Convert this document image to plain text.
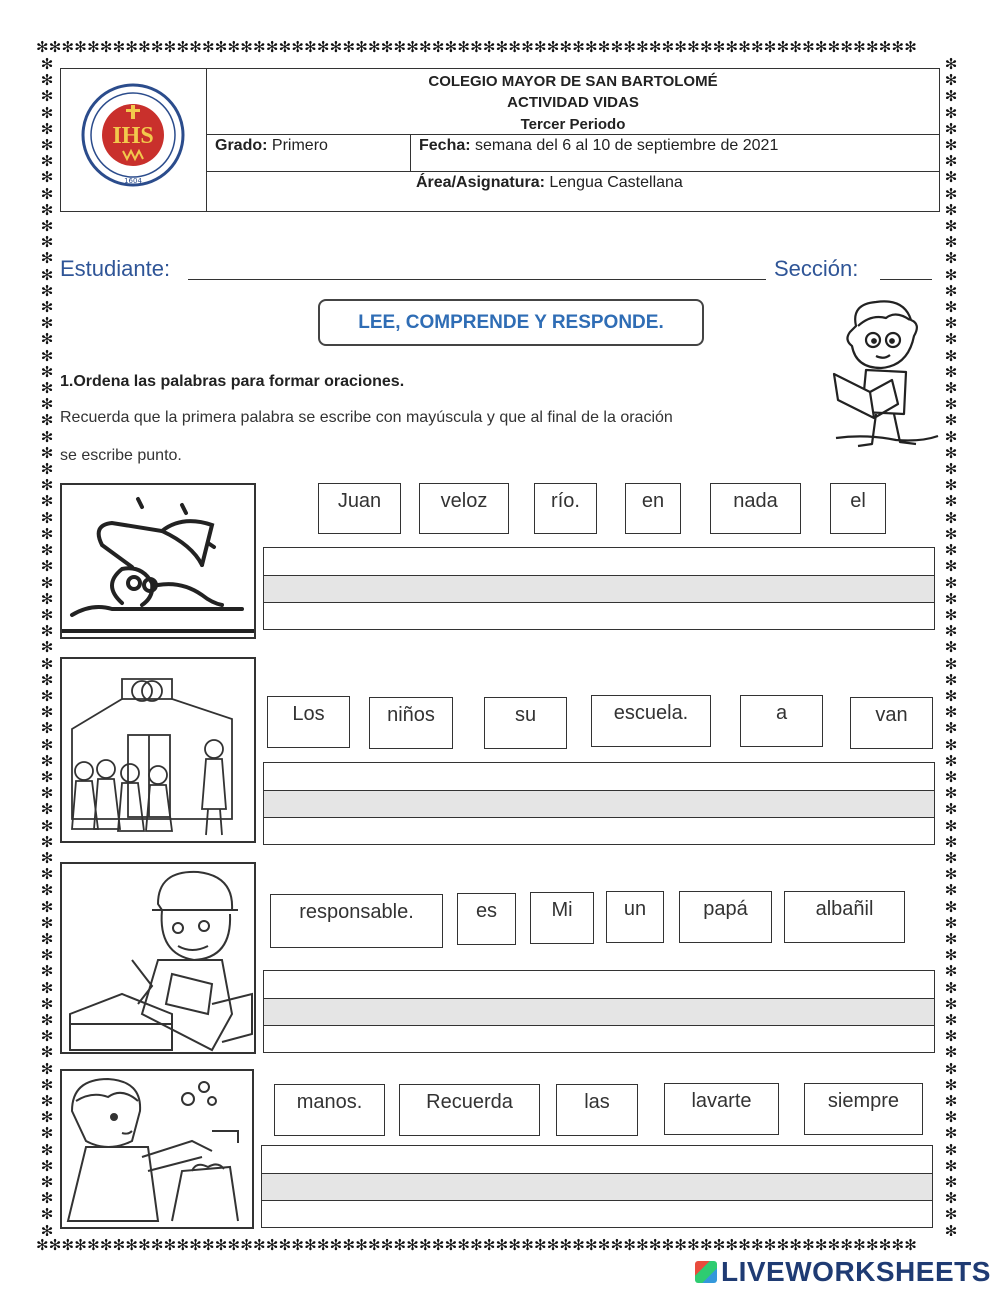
✻✻✻✻✻✻✻✻✻✻✻✻✻✻✻✻✻✻✻✻✻✻✻✻✻✻✻✻✻✻✻✻✻✻✻✻✻✻✻✻✻✻✻✻✻✻✻✻✻✻✻✻✻✻✻✻✻✻✻✻✻✻✻✻✻✻✻✻✻
✻✻✻✻✻✻✻✻✻✻✻✻✻✻✻✻✻✻✻✻✻✻✻✻✻✻✻✻✻✻✻✻✻✻✻✻✻✻✻✻✻✻✻✻✻✻✻✻✻✻✻✻✻✻✻✻✻✻✻✻✻✻✻✻✻✻✻✻✻
✻✻✻✻✻✻✻✻✻✻✻✻✻✻✻✻✻✻✻✻✻✻✻✻✻✻✻✻✻✻✻✻✻✻✻✻✻✻✻✻✻✻✻✻✻✻✻✻✻✻✻✻✻✻✻✻✻✻✻✻✻✻✻✻✻✻✻✻✻✻✻✻✻
✻✻✻✻✻✻✻✻✻✻✻✻✻✻✻✻✻✻✻✻✻✻✻✻✻✻✻✻✻✻✻✻✻✻✻✻✻✻✻✻✻✻✻✻✻✻✻✻✻✻✻✻✻✻✻✻✻✻✻✻✻✻✻✻✻✻✻✻✻✻✻✻✻
IHS
1604
COLEGIO MAYOR DE SAN BARTOLOMÉ
ACTIVIDAD VIDAS
Tercer Periodo
Grado: Primero	Fecha: semana del 6 al 10 de septiembre de 2021
Área/Asignatura: Lengua Castellana
Estudiante:	Sección:
LEE, COMPRENDE Y RESPONDE.
1.Ordena las palabras para formar oraciones.
Recuerda que la primera palabra se escribe con mayúscula y que al final de la oración
se escribe punto.
Juan	veloz	río.	en	nada	el
Los	niños	su	escuela.	a	van
responsable.	es	Mi	un	papá	albañil
manos.	Recuerda	las	lavarte	siempre
LIVEWORKSHEETS
